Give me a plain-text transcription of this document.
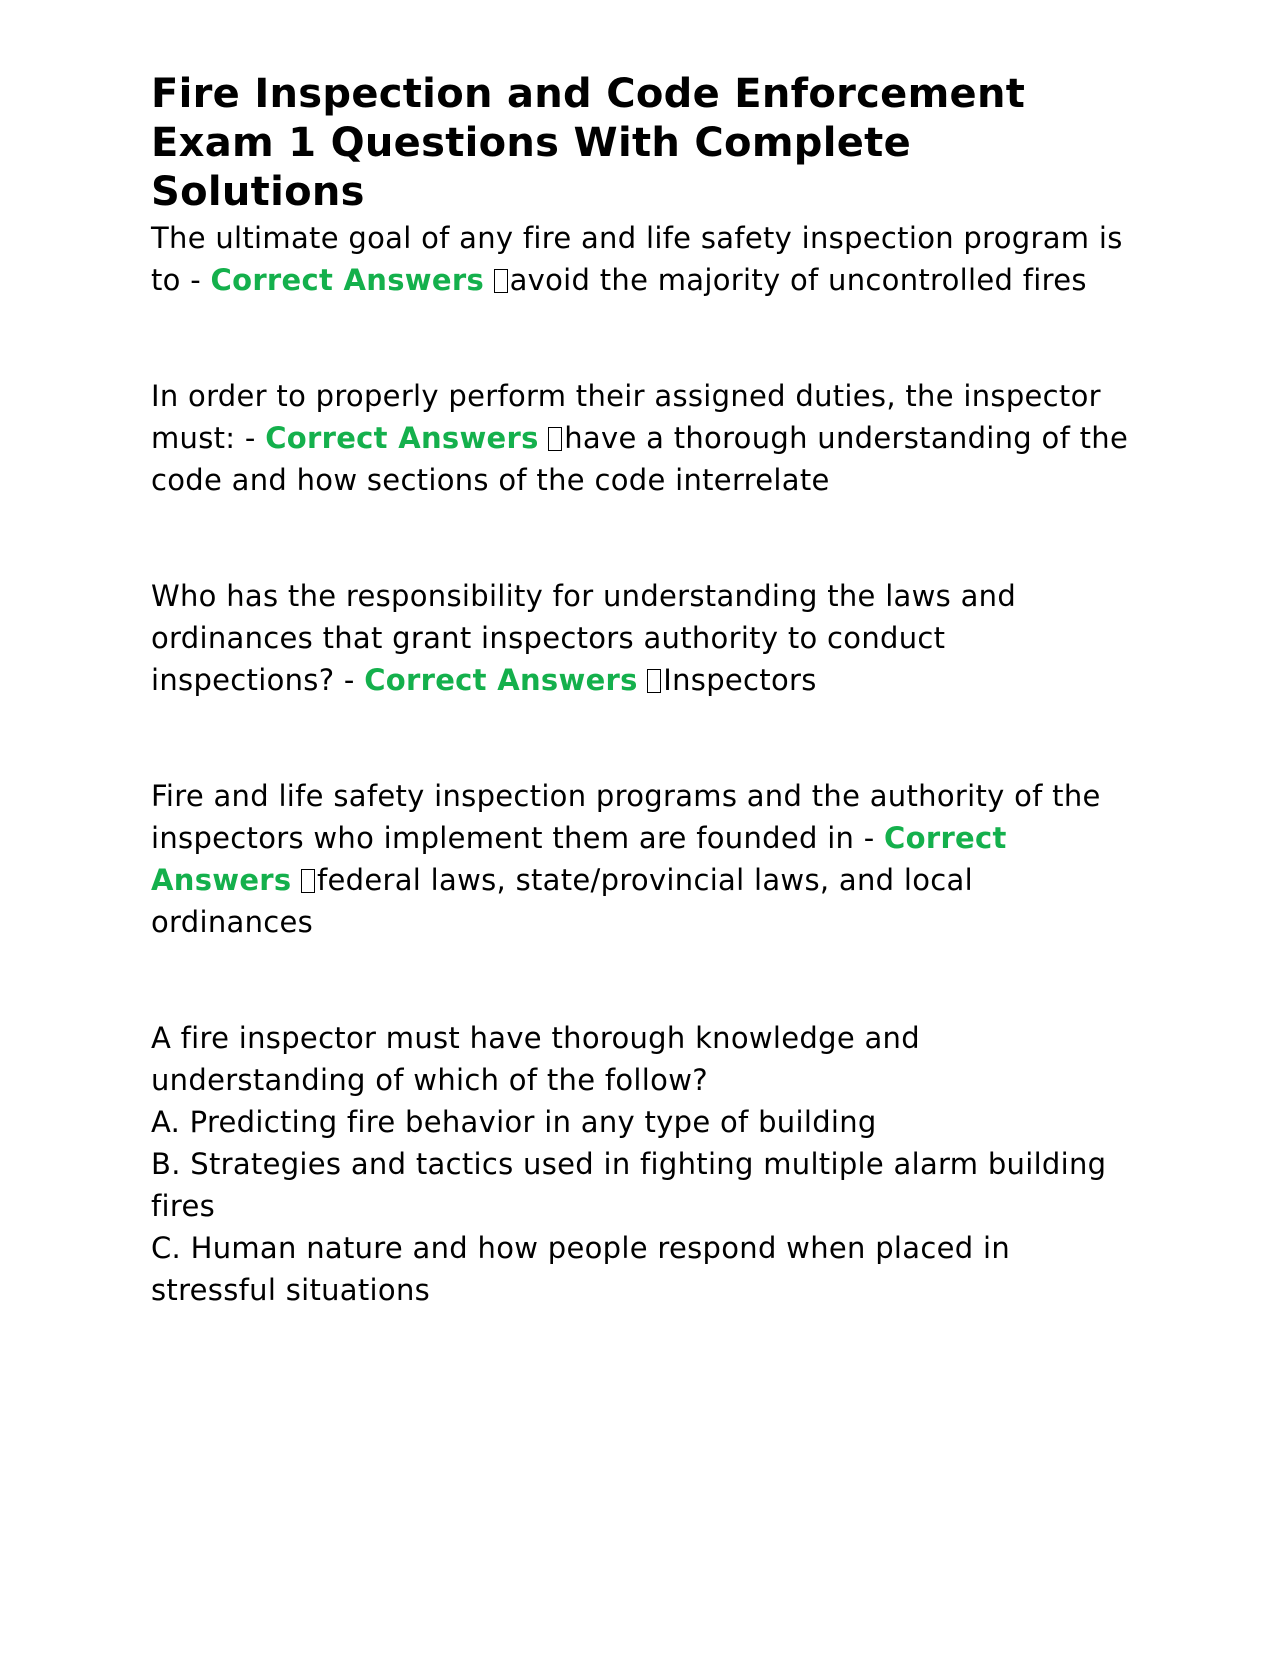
Fire Inspection and Code Enforcement Exam 1 Questions With Complete Solutions

The ultimate goal of any fire and life safety inspection program is to - Correct Answers avoid the majority of uncontrolled fires

In order to properly perform their assigned duties, the inspector must: - Correct Answers have a thorough understanding of the code and how sections of the code interrelate

Who has the responsibility for understanding the laws and ordinances that grant inspectors authority to conduct inspections? - Correct Answers Inspectors

Fire and life safety inspection programs and the authority of the inspectors who implement them are founded in - Correct Answers federal laws, state/provincial laws, and local ordinances

A fire inspector must have thorough knowledge and understanding of which of the follow?

A. Predicting fire behavior in any type of building

B. Strategies and tactics used in fighting multiple alarm building fires

C. Human nature and how people respond when placed in stressful situations
